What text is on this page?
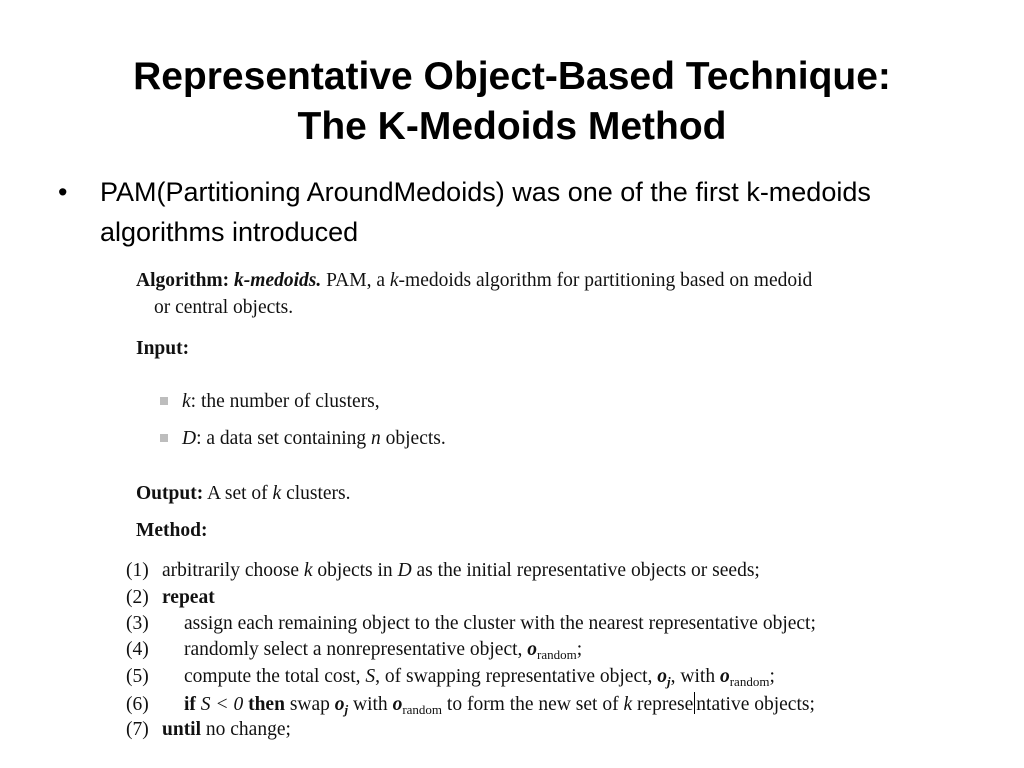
Representative Object-Based Technique:
The K-Medoids Method
•	PAM(Partitioning AroundMedoids) was one of the first k-medoids algorithms introduced
Algorithm: k-medoids. PAM, a k-medoids algorithm for partitioning based on medoid
or central objects.
Input:
k: the number of clusters,
D: a data set containing n objects.
Output: A set of k clusters.
Method:
(1) arbitrarily choose k objects in D as the initial representative objects or seeds;
(2) repeat
(3) assign each remaining object to the cluster with the nearest representative object;
(4) randomly select a nonrepresentative object, $o_{random}$;
(5) compute the total cost, S, of swapping representative object, $o_j$, with $o_{random}$;
(6) if S < 0 then swap $o_j$ with $o_{random}$ to form the new set of k represe ntative objects;
(7) until no change;
